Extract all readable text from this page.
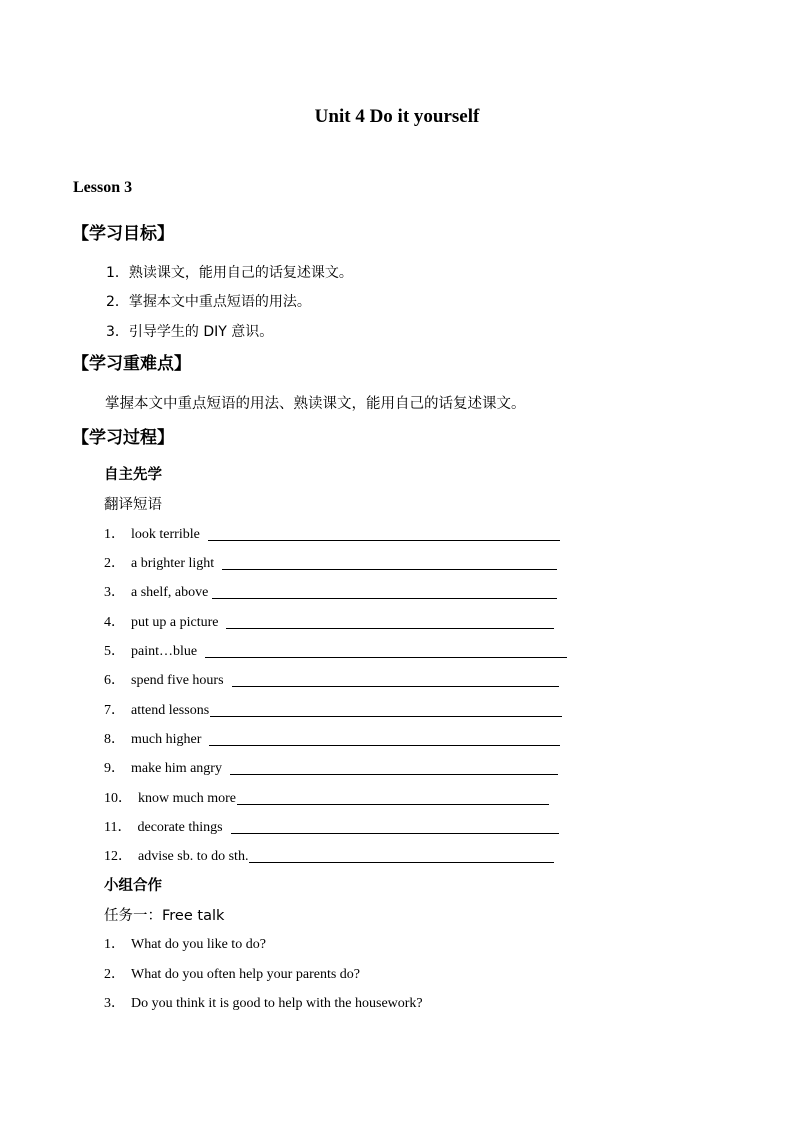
Unit 4 Do it yourself
Lesson 3
【学习目标】
1．熟读课文，能用自己的话复述课文。
2．掌握本文中重点短语的用法。
3．引导学生的 DIY 意识。
【学习重难点】
掌握本文中重点短语的用法、熟读课文，能用自己的话复述课文。
【学习过程】
自主先学
翻译短语
1． look terrible
2． a brighter light
3． a shelf, above
4． put up a picture
5． paint…blue
6． spend five hours
7． attend lessons
8． much higher
9． make him angry
10． know much more
11． decorate things
12． advise sb. to do sth.
小组合作
任务一：Free talk
1． What do you like to do?
2． What do you often help your parents do?
3． Do you think it is good to help with the housework?
